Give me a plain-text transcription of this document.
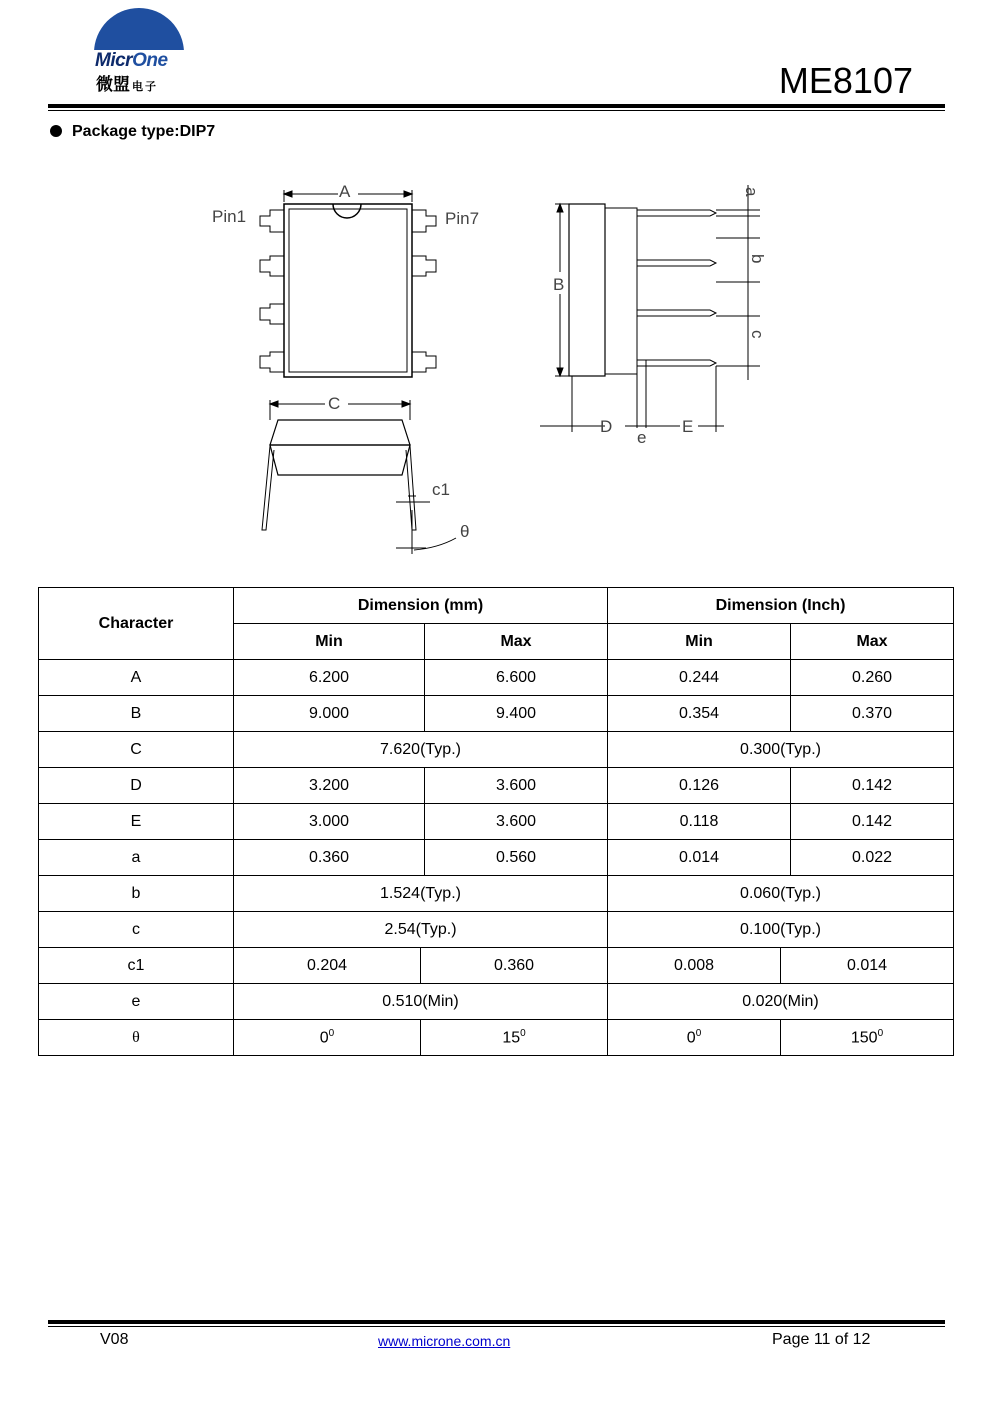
MicrOne
微盟 电子	ME8107
Package type:DIP7
A
Pin1	Pin7
C
c1
θ
B
D
e
E
a
b
c
Character	Dimension (mm)			Dimension (Inch)		
	Min		Max	Min		Max
A	6.200		6.600	0.244		0.260
B	9.000		9.400	0.354		0.370
C	7.620(Typ.)			0.300(Typ.)		
D	3.200		3.600	0.126		0.142
E	3.000		3.600	0.118		0.142
a	0.360		0.560	0.014		0.022
b	1.524(Typ.)			0.060(Typ.)		
c	2.54(Typ.)			0.100(Typ.)		
c1	0.204	0.360		0.008	0.014	
e	0.510(Min)			0.020(Min)		
θ	$0^0$	$15^0$		$0^0$	$150^0$
V08	www.microne.com.cn	Page 11 of 12
